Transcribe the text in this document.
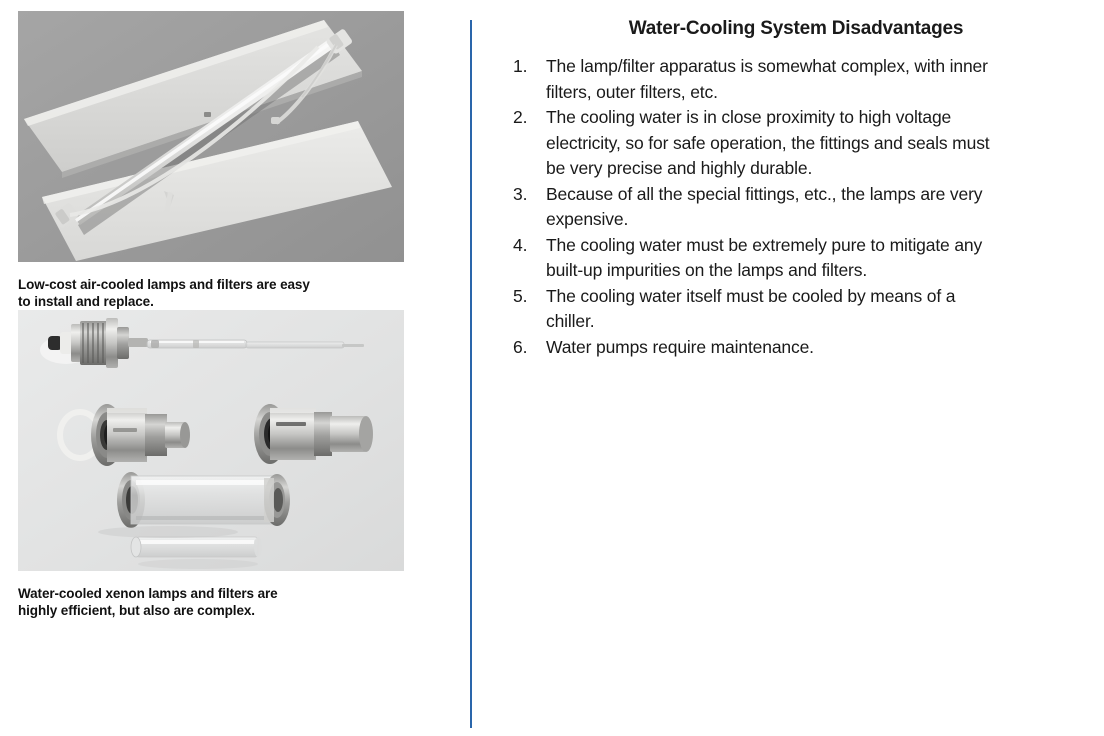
Low-cost air-cooled lamps and filters are easy
to install and replace.
Water-cooled xenon lamps and filters are
highly efficient, but also are complex.
Water-Cooling System Disadvantages
1.	The lamp/filter apparatus is somewhat complex, with inner
filters, outer filters, etc.
2.	The cooling water is in close proximity to high voltage
electricity, so for safe operation, the fittings and seals must
be very precise and highly durable.
3.	Because of all the special fittings, etc., the lamps are very
expensive.
4.	The cooling water must be extremely pure to mitigate any
built-up impurities on the lamps and filters.
5.	The cooling water itself must be cooled by means of a
chiller.
6.	Water pumps require maintenance.
